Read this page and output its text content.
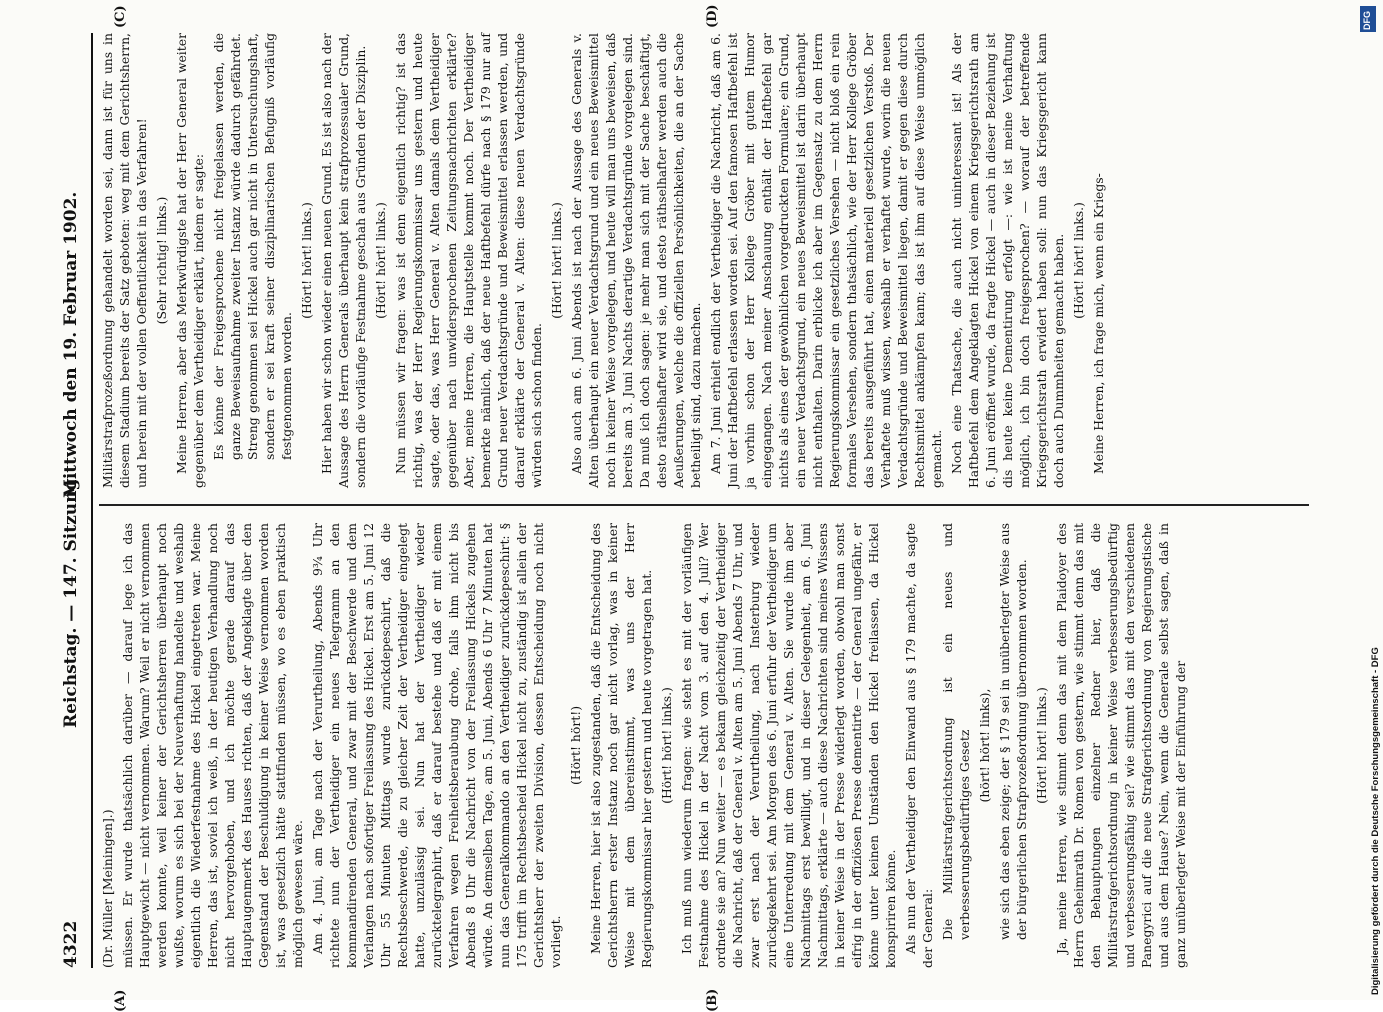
4322
Reichstag. — 147. Sitzung.
Mittwoch den 19. Februar 1902.
(A)	(B)
(C)	(D)

(Dr. Müller [Meiningen].) müssen. Er wurde thatsächlich darüber — darauf lege ich das Hauptgewicht — nicht vernommen. Warum? Weil er nicht vernommen werden konnte, weil keiner der Gerichtsherren überhaupt noch wußte, worum es sich bei der Neuverhaftung handelte und weshalb eigentlich die Wiederfestnahme des Hickel eingetreten war. Meine Herren, das ist, soviel ich weiß, in der heutigen Verhandlung noch nicht hervorgehoben, und ich möchte gerade darauf das Hauptaugenmerk des Hauses richten, daß der Angeklagte über den Gegenstand der Beschuldigung in keiner Weise vernommen worden ist, was gesetzlich hätte stattfinden müssen, wo es eben praktisch möglich gewesen wäre. Am 4. Juni, am Tage nach der Verurtheilung, Abends 9¾ Uhr richtete nun der Vertheidiger ein neues Telegramm an den kommandirenden General, und zwar mit der Beschwerde und dem Verlangen nach sofortiger Freilassung des Hickel. Erst am 5. Juni 12 Uhr 55 Minuten Mittags wurde zurückdepeschirt, daß die Rechtsbeschwerde, die zu gleicher Zeit der Vertheidiger eingelegt hatte, unzulässig sei. Nun hat der Vertheidiger wieder zurücktelegraphirt, daß er darauf bestehe und daß er mit einem Verfahren wegen Freiheitsberaubung drohe, falls ihm nicht bis Abends 8 Uhr die Nachricht von der Freilassung Hickels zugehen würde. An demselben Tage, am 5. Juni, Abends 6 Uhr 7 Minuten hat nun das Generalkommando an den Vertheidiger zurückdepeschirt: § 175 trifft im Rechtsbescheid Hickel nicht zu, zuständig ist allein der Gerichtsherr der zweiten Division, dessen Entscheidung noch nicht vorliegt.

(Hört! hört!) Meine Herren, hier ist also zugestanden, daß die Entscheidung des Gerichtsherrn erster Instanz noch gar nicht vorlag, was in keiner Weise mit dem übereinstimmt, was uns der Herr Regierungskommissar hier gestern und heute vorgetragen hat. (Hört! hört! links.) Ich muß nun wiederum fragen: wie steht es mit der vorläufigen Festnahme des Hickel in der Nacht vom 3. auf den 4. Juli? Wer ordnete sie an? Nun weiter — es bekam gleichzeitig der Vertheidiger die Nachricht, daß der General v. Alten am 5. Juni Abends 7 Uhr, und zwar erst nach der Verurtheilung, nach Insterburg wieder zurückgekehrt sei. Am Morgen des 6. Juni erfuhr der Vertheidiger um eine Unterredung mit dem General v. Alten. Sie wurde ihm aber Nachmittags erst bewilligt, und in dieser Gelegenheit, am 6. Juni Nachmittags, erklärte — auch diese Nachrichten sind meines Wissens in keiner Weise in der Presse widerlegt worden, obwohl man sonst eifrig in der offiziösen Presse dementirte — der General ungefähr, er könne unter keinen Umständen den Hickel freilassen, da Hickel konspiriren könne. Als nun der Vertheidiger den Einwand aus § 179 machte, da sagte der General: Die Militärstrafgerichtsordnung ist ein neues und verbesserungsbedürftiges Gesetz (hört! hört! links), wie sich das eben zeige; der § 179 sei in unüberlegter Weise aus der bürgerlichen Strafprozeßordnung übernommen worden. (Hört! hört! links.) Ja, meine Herren, wie stimmt denn das mit dem Plaidoyer des Herrn Geheimrath Dr. Romen von gestern, wie stimmt denn das mit den Behauptungen einzelner Redner hier, daß die Militärstrafgerichtsordnung in keiner Weise verbesserungsbedürftig und verbesserungsfähig sei? wie stimmt das mit den verschiedenen Panegyrici auf die neue Strafgerichtsordnung von Regierungstische und aus dem Hause? Nein, wenn die Generale selbst sagen, daß in ganz unüberlegter Weise mit der Einführung der

Militärstrafprozeßordnung gehandelt worden sei, dann ist für uns in diesem Stadium bereits der Satz geboten: weg mit dem Gerichtsherrn, und herein mit der vollen Oeffentlichkeit in das Verfahren! (Sehr richtig! links.) Meine Herren, aber das Merkwürdigste hat der Herr General weiter gegenüber dem Vertheidiger erklärt, indem er sagte: Es könne der Freigesprochene nicht freigelassen werden, die ganze Beweisaufnahme zweiter Instanz würde dadurch gefährdet. Streng genommen sei Hickel auch gar nicht in Untersuchungshaft, sondern er sei kraft seiner disziplinarischen Befugniß vorläufig festgenommen worden.

(Hört! hört! links.) Hier haben wir schon wieder einen neuen Grund. Es ist also nach der Aussage des Herrn Generals überhaupt kein strafprozessualer Grund, sondern die vorläufige Festnahme geschah aus Gründen der Disziplin. (Hört! hört! links.) Nun müssen wir fragen: was ist denn eigentlich richtig? ist das richtig, was der Herr Regierungskommissar uns gestern und heute sagte, oder das, was Herr General v. Alten damals dem Vertheidiger gegenüber nach unwidersprochenen Zeitungsnachrichten erklärte? Aber, meine Herren, die Hauptstelle kommt noch. Der Vertheidiger bemerkte nämlich, daß der neue Haftbefehl dürfe nach § 179 nur auf Grund neuer Verdachtsgründe und Beweismittel erlassen werden, und darauf erklärte der General v. Alten: diese neuen Verdachtsgründe würden sich schon finden.

(Hört! hört! links.) Also auch am 6. Juni Abends ist nach der Aussage des Generals v. Alten überhaupt ein neuer Verdachtsgrund und ein neues Beweismittel noch in keiner Weise vorgelegen, und heute will man uns beweisen, daß bereits am 3. Juni Nachts derartige Verdachtsgründe vorgelegen sind. Da muß ich doch sagen: je mehr man sich mit der Sache beschäftigt, desto räthselhafter wird sie, und desto räthselhafter werden auch die Aeußerungen, welche die offiziellen Persönlichkeiten, die an der Sache betheiligt sind, dazu machen. Am 7. Juni erhielt endlich der Vertheidiger die Nachricht, daß am 6. Juni der Haftbefehl erlassen worden sei. Auf den famosen Haftbefehl ist ja vorhin schon der Herr Kollege Gröber mit gutem Humor eingegangen. Nach meiner Anschauung enthält der Haftbefehl gar nichts als eines der gewöhnlichen vorgedruckten Formulare; ein Grund, ein neuer Verdachtsgrund, ein neues Beweismittel ist darin überhaupt nicht enthalten. Darin erblicke ich aber im Gegensatz zu dem Herrn Regierungskommissar ein gesetzliches Versehen — nicht bloß ein rein formales Versehen, sondern thatsächlich, wie der Herr Kollege Gröber das bereits ausgeführt hat, einen materiell gesetzlichen Verstoß. Der Verhaftete muß wissen, weshalb er verhaftet wurde, worin die neuen Verdachtsgründe und Beweismittel liegen, damit er gegen diese durch Rechtsmittel ankämpfen kann; das ist ihm auf diese Weise unmöglich gemacht. Noch eine Thatsache, die auch nicht uninteressant ist! Als der Haftbefehl dem Angeklagten Hickel von einem Kriegsgerichtsrath am 6. Juni eröffnet wurde, da fragte Hickel — auch in dieser Beziehung ist dis heute keine Dementirung erfolgt —: wie ist meine Verhaftung möglich, ich bin doch freigesprochen? — worauf der betreffende Kriegsgerichtsrath erwidert haben soll: nun das Kriegsgericht kann doch auch Dummheiten gemacht haben. (Hört! hört! links.) Meine Herren, ich frage mich, wenn ein Kriegs-

DFG
Digitalisierung gefördert durch die Deutsche Forschungsgemeinschaft - DFG
